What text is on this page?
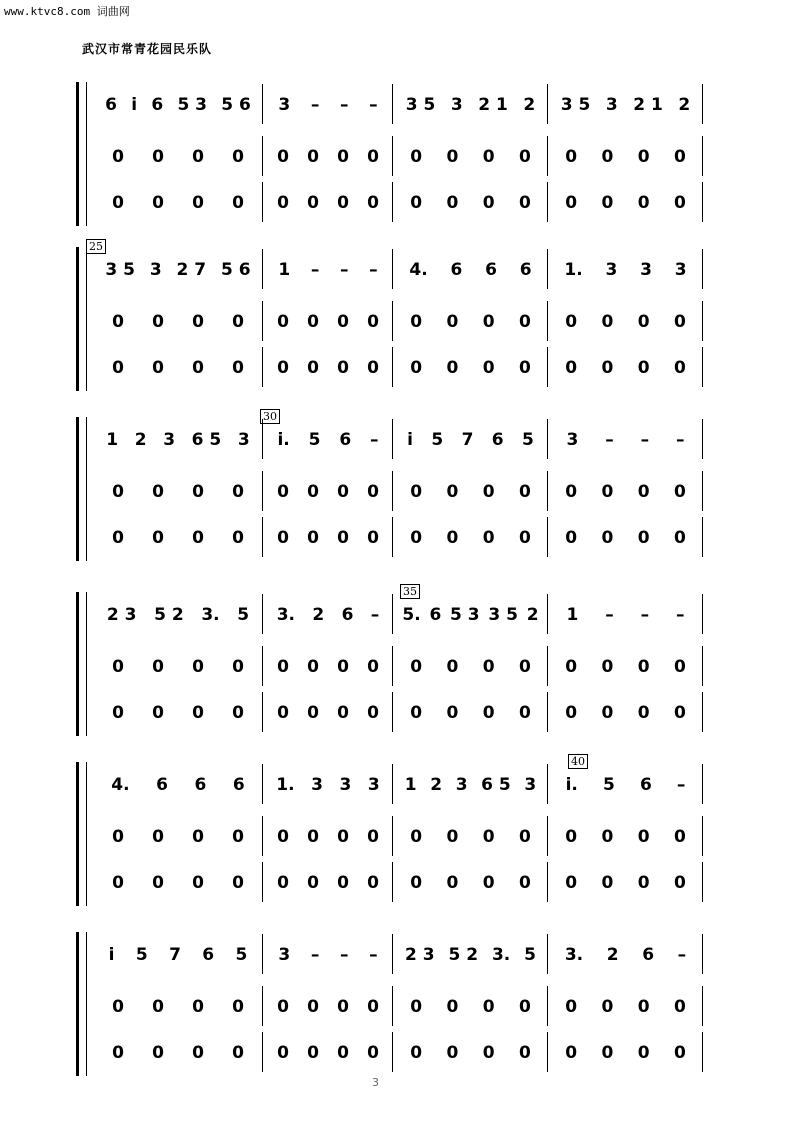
www.ktvc8.com 词曲网
武汉市常青花园民乐队
6 i 6 5 3 5 6 3 – – – 3 5 3 2 1 2 3 5 3 2 1 2
0 0 0 0 0 0 0 0 0 0 0 0 0 0 0 0
0 0 0 0 0 0 0 0 0 0 0 0 0 0 0 0
25
3 5 3 2 7 5 6 1 – – – 4. 6 6 6 1. 3 3 3
0 0 0 0 0 0 0 0 0 0 0 0 0 0 0 0
0 0 0 0 0 0 0 0 0 0 0 0 0 0 0 0
30
1 2 3 6 5 3 i. 5 6 – i 5 7 6 5 3 – – –
0 0 0 0 0 0 0 0 0 0 0 0 0 0 0 0
0 0 0 0 0 0 0 0 0 0 0 0 0 0 0 0
35
2 3 5 2 3. 5 3. 2 6 – 5. 6 5 3 3 5 2 1 – – –
0 0 0 0 0 0 0 0 0 0 0 0 0 0 0 0
0 0 0 0 0 0 0 0 0 0 0 0 0 0 0 0
40
4. 6 6 6 1. 3 3 3 1 2 3 6 5 3 i. 5 6 –
0 0 0 0 0 0 0 0 0 0 0 0 0 0 0 0
0 0 0 0 0 0 0 0 0 0 0 0 0 0 0 0
i 5 7 6 5 3 – – – 2 3 5 2 3. 5 3. 2 6 –
0 0 0 0 0 0 0 0 0 0 0 0 0 0 0 0
0 0 0 0 0 0 0 0 0 0 0 0 0 0 0 0
3
